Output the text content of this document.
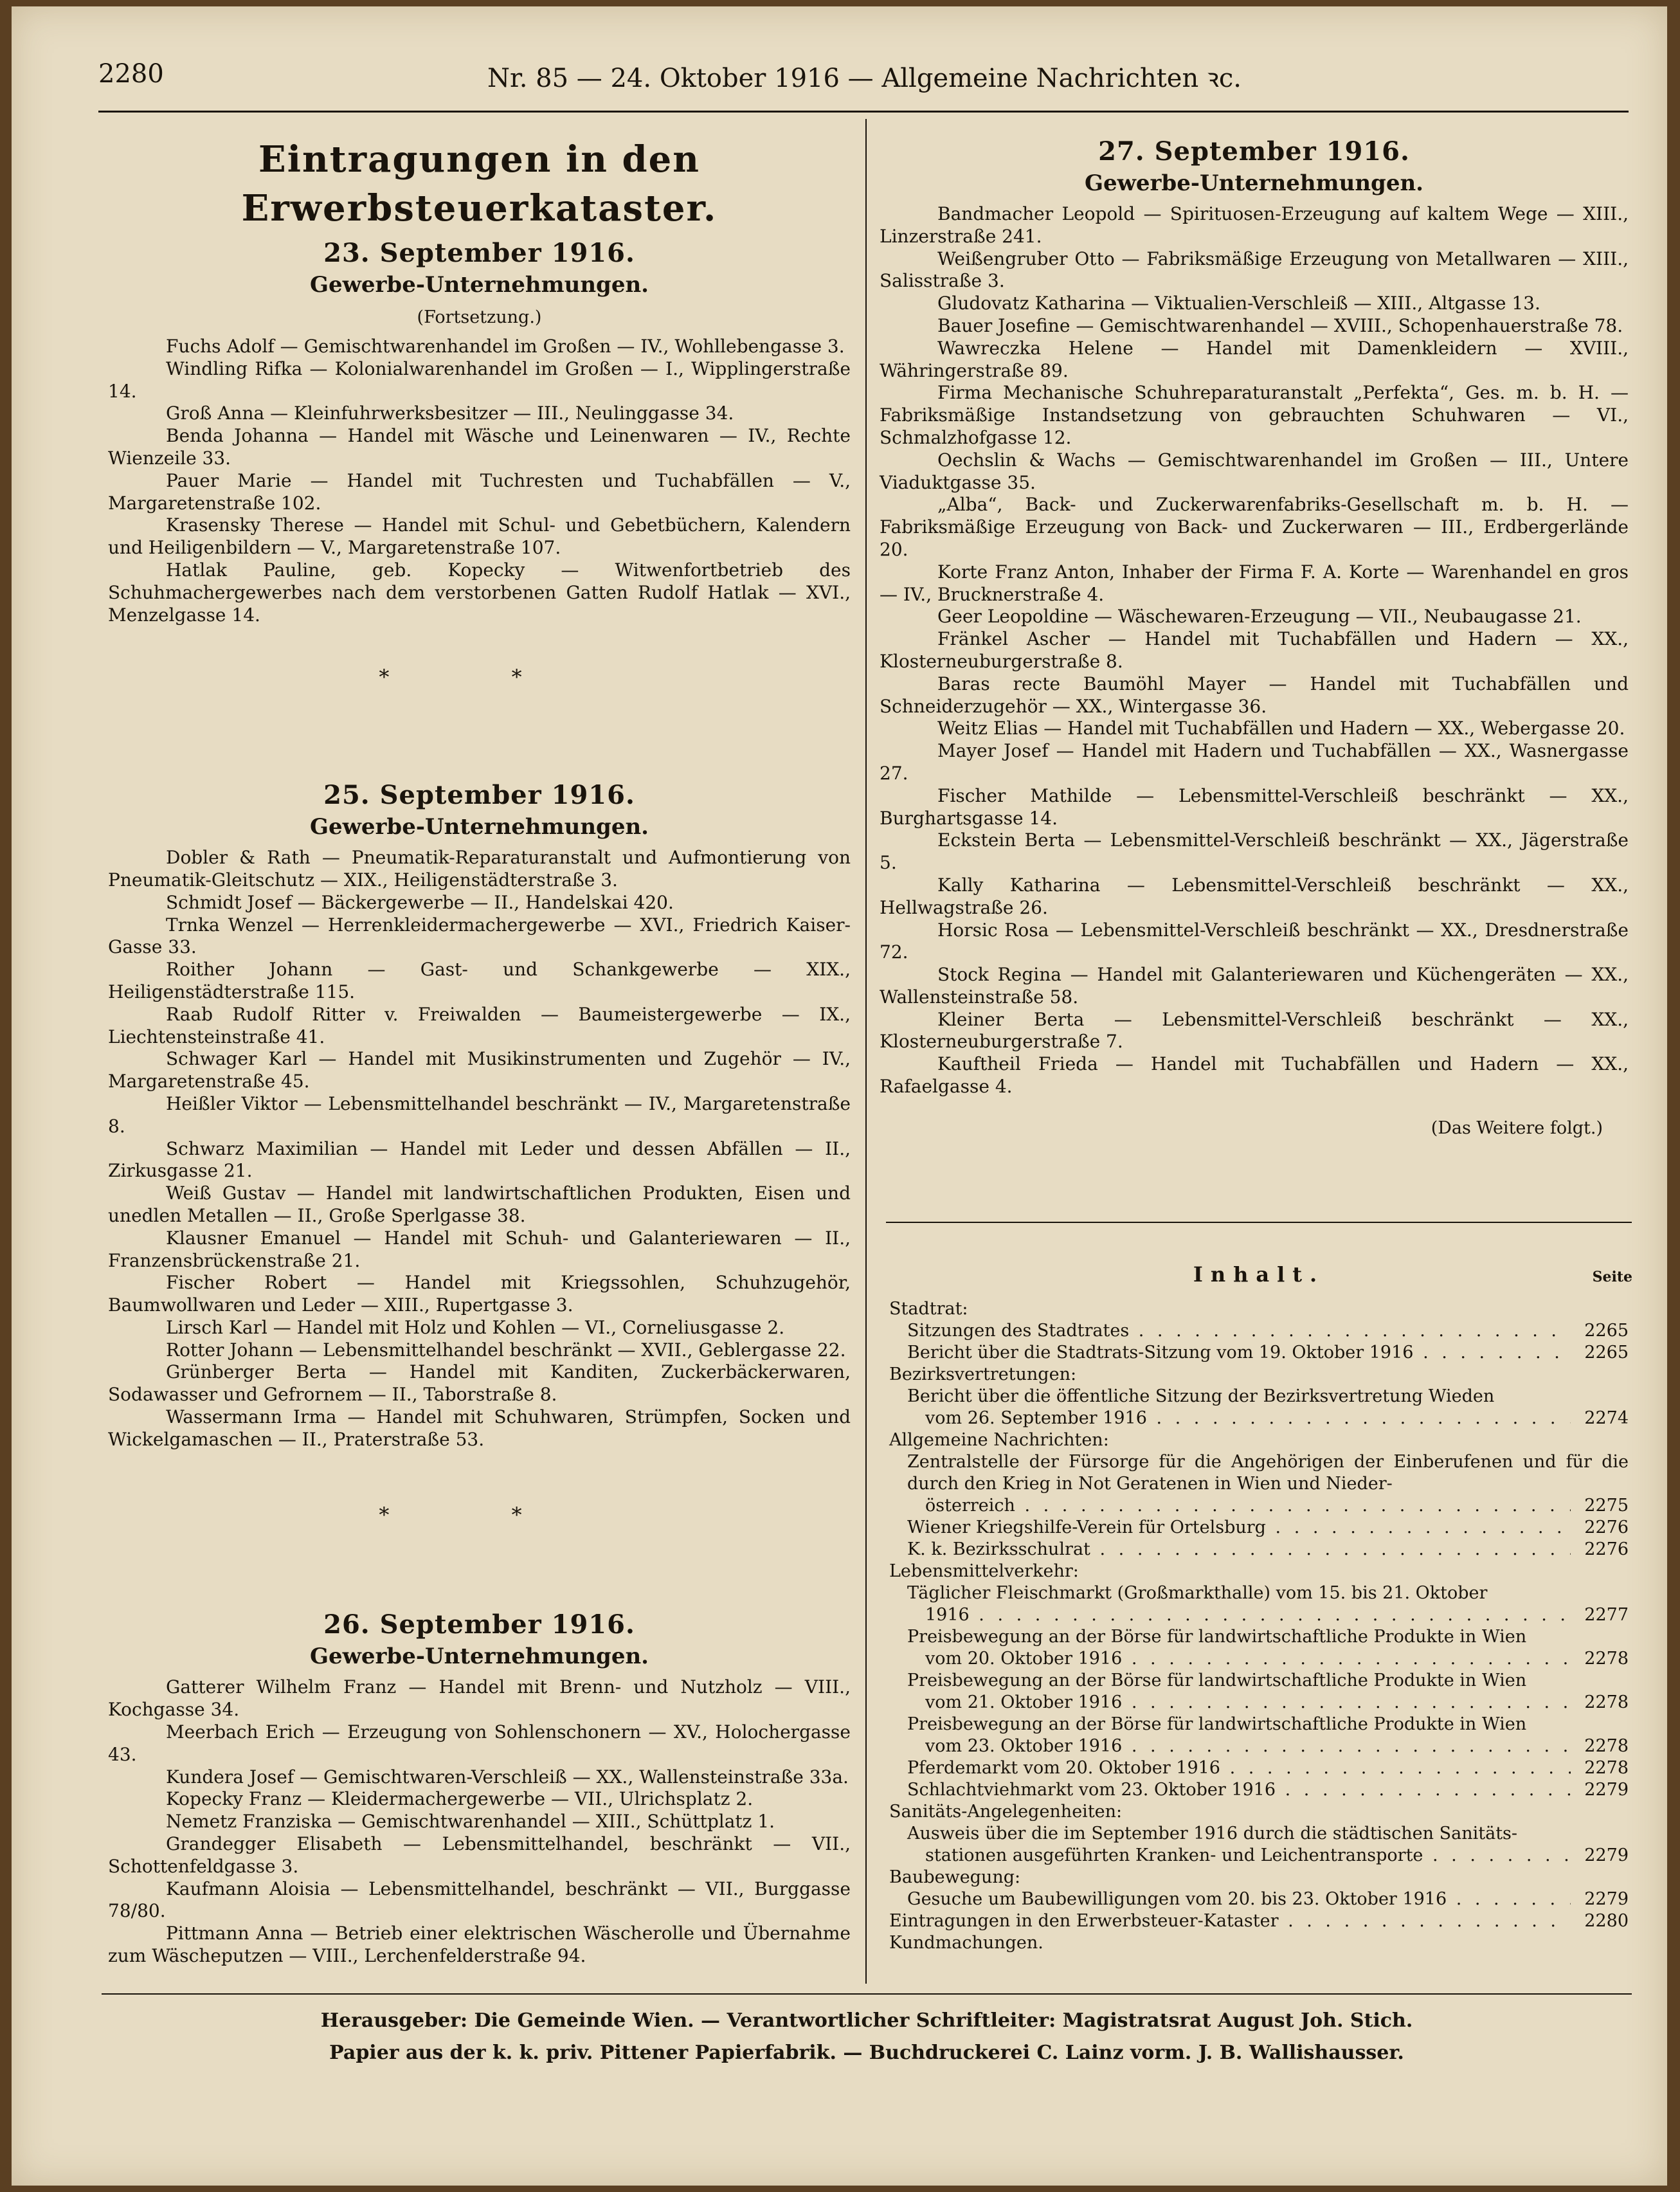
2280	Nr. 85 — 24. Oktober 1916 — Allgemeine Nachrichten ꝛc.
Eintragungen in den Erwerbsteuerkataster.
23. September 1916.
Gewerbe-Unternehmungen.
(Fortsetzung.)

Fuchs Adolf — Gemischtwarenhandel im Großen — IV., Wohllebengasse 3.

Windling Rifka — Kolonialwarenhandel im Großen — I., Wipplingerstraße 14.

Groß Anna — Kleinfuhrwerksbesitzer — III., Neulinggasse 34.

Benda Johanna — Handel mit Wäsche und Leinenwaren — IV., Rechte Wienzeile 33.

Pauer Marie — Handel mit Tuchresten und Tuchabfällen — V., Margaretenstraße 102.

Krasensky Therese — Handel mit Schul- und Gebetbüchern, Kalendern und Heiligenbildern — V., Margaretenstraße 107.

Hatlak Pauline, geb. Kopecky — Witwenfortbetrieb des Schuhmachergewerbes nach dem verstorbenen Gatten Rudolf Hatlak — XVI., Menzelgasse 14.

* *
25. September 1916.
Gewerbe-Unternehmungen.

Dobler & Rath — Pneumatik-Reparaturanstalt und Aufmontierung von Pneumatik-Gleitschutz — XIX., Heiligenstädterstraße 3.

Schmidt Josef — Bäckergewerbe — II., Handelskai 420.

Trnka Wenzel — Herrenkleidermachergewerbe — XVI., Friedrich Kaiser-Gasse 33.

Roither Johann — Gast- und Schankgewerbe — XIX., Heiligenstädterstraße 115.

Raab Rudolf Ritter v. Freiwalden — Baumeistergewerbe — IX., Liechtensteinstraße 41.

Schwager Karl — Handel mit Musikinstrumenten und Zugehör — IV., Margaretenstraße 45.

Heißler Viktor — Lebensmittelhandel beschränkt — IV., Margaretenstraße 8.

Schwarz Maximilian — Handel mit Leder und dessen Abfällen — II., Zirkusgasse 21.

Weiß Gustav — Handel mit landwirtschaftlichen Produkten, Eisen und unedlen Metallen — II., Große Sperlgasse 38.

Klausner Emanuel — Handel mit Schuh- und Galanteriewaren — II., Franzensbrückenstraße 21.

Fischer Robert — Handel mit Kriegssohlen, Schuhzugehör, Baumwollwaren und Leder — XIII., Rupertgasse 3.

Lirsch Karl — Handel mit Holz und Kohlen — VI., Corneliusgasse 2.

Rotter Johann — Lebensmittelhandel beschränkt — XVII., Geblergasse 22.

Grünberger Berta — Handel mit Kanditen, Zuckerbäckerwaren, Sodawasser und Gefrornem — II., Taborstraße 8.

Wassermann Irma — Handel mit Schuhwaren, Strümpfen, Socken und Wickelgamaschen — II., Praterstraße 53.

* *
26. September 1916.
Gewerbe-Unternehmungen.

Gatterer Wilhelm Franz — Handel mit Brenn- und Nutzholz — VIII., Kochgasse 34.

Meerbach Erich — Erzeugung von Sohlenschonern — XV., Holochergasse 43.

Kundera Josef — Gemischtwaren-Verschleiß — XX., Wallensteinstraße 33a.

Kopecky Franz — Kleidermachergewerbe — VII., Ulrichsplatz 2.

Nemetz Franziska — Gemischtwarenhandel — XIII., Schüttplatz 1.

Grandegger Elisabeth — Lebensmittelhandel, beschränkt — VII., Schottenfeldgasse 3.

Kaufmann Aloisia — Lebensmittelhandel, beschränkt — VII., Burggasse 78/80.

Pittmann Anna — Betrieb einer elektrischen Wäscherolle und Übernahme zum Wäscheputzen — VIII., Lerchenfelderstraße 94.

27. September 1916.
Gewerbe-Unternehmungen.

Bandmacher Leopold — Spirituosen-Erzeugung auf kaltem Wege — XIII., Linzerstraße 241.

Weißengruber Otto — Fabriksmäßige Erzeugung von Metallwaren — XIII., Salisstraße 3.

Gludovatz Katharina — Viktualien-Verschleiß — XIII., Altgasse 13.

Bauer Josefine — Gemischtwarenhandel — XVIII., Schopenhauerstraße 78.

Wawreczka Helene — Handel mit Damenkleidern — XVIII., Währingerstraße 89.

Firma Mechanische Schuhreparaturanstalt „Perfekta“, Ges. m. b. H. — Fabriksmäßige Instandsetzung von gebrauchten Schuhwaren — VI., Schmalzhofgasse 12.

Oechslin & Wachs — Gemischtwarenhandel im Großen — III., Untere Viaduktgasse 35.

„Alba“, Back- und Zuckerwarenfabriks-Gesellschaft m. b. H. — Fabriksmäßige Erzeugung von Back- und Zuckerwaren — III., Erdbergerlände 20.

Korte Franz Anton, Inhaber der Firma F. A. Korte — Warenhandel en gros — IV., Brucknerstraße 4.

Geer Leopoldine — Wäschewaren-Erzeugung — VII., Neubaugasse 21.

Fränkel Ascher — Handel mit Tuchabfällen und Hadern — XX., Klosterneuburgerstraße 8.

Baras recte Baumöhl Mayer — Handel mit Tuchabfällen und Schneiderzugehör — XX., Wintergasse 36.

Weitz Elias — Handel mit Tuchabfällen und Hadern — XX., Webergasse 20.

Mayer Josef — Handel mit Hadern und Tuchabfällen — XX., Wasnergasse 27.

Fischer Mathilde — Lebensmittel-Verschleiß beschränkt — XX., Burghartsgasse 14.

Eckstein Berta — Lebensmittel-Verschleiß beschränkt — XX., Jägerstraße 5.

Kally Katharina — Lebensmittel-Verschleiß beschränkt — XX., Hellwagstraße 26.

Horsic Rosa — Lebensmittel-Verschleiß beschränkt — XX., Dresdnerstraße 72.

Stock Regina — Handel mit Galanteriewaren und Küchengeräten — XX., Wallensteinstraße 58.

Kleiner Berta — Lebensmittel-Verschleiß beschränkt — XX., Klosterneuburgerstraße 7.

Kauftheil Frieda — Handel mit Tuchabfällen und Hadern — XX., Rafaelgasse 4.

(Das Weitere folgt.)
Inhalt.	Seite
Stadtrat:
Sitzungen des Stadtrates . . .	2265
Bericht über die Stadtrats-Sitzung vom 19. Oktober 1916 . . .	2265
Bezirksvertretungen:
Bericht über die öffentliche Sitzung der Bezirksvertretung Wieden
vom 26. September 1916 . . .	2274
Allgemeine Nachrichten:
Zentralstelle der Fürsorge für die Angehörigen der Einberufenen und für die durch den Krieg in Not Geratenen in Wien und Nieder-
österreich . . .	2275
Wiener Kriegshilfe-Verein für Ortelsburg . . .	2276
K. k. Bezirksschulrat . . .	2276
Lebensmittelverkehr:
Täglicher Fleischmarkt (Großmarkthalle) vom 15. bis 21. Oktober
1916 . . .	2277
Preisbewegung an der Börse für landwirtschaftliche Produkte in Wien
vom 20. Oktober 1916 . . .	2278
Preisbewegung an der Börse für landwirtschaftliche Produkte in Wien
vom 21. Oktober 1916 . . .	2278
Preisbewegung an der Börse für landwirtschaftliche Produkte in Wien
vom 23. Oktober 1916 . . .	2278
Pferdemarkt vom 20. Oktober 1916 . . .	2278
Schlachtviehmarkt vom 23. Oktober 1916 . . .	2279
Sanitäts-Angelegenheiten:
Ausweis über die im September 1916 durch die städtischen Sanitäts-
stationen ausgeführten Kranken- und Leichentransporte . . .	2279
Baubewegung:
Gesuche um Baubewilligungen vom 20. bis 23. Oktober 1916 . . .	2279
Eintragungen in den Erwerbsteuer-Kataster . . .	2280
Kundmachungen.
Herausgeber: Die Gemeinde Wien. — Verantwortlicher Schriftleiter: Magistratsrat August Joh. Stich.
Papier aus der k. k. priv. Pittener Papierfabrik. — Buchdruckerei C. Lainz vorm. J. B. Wallishausser.
